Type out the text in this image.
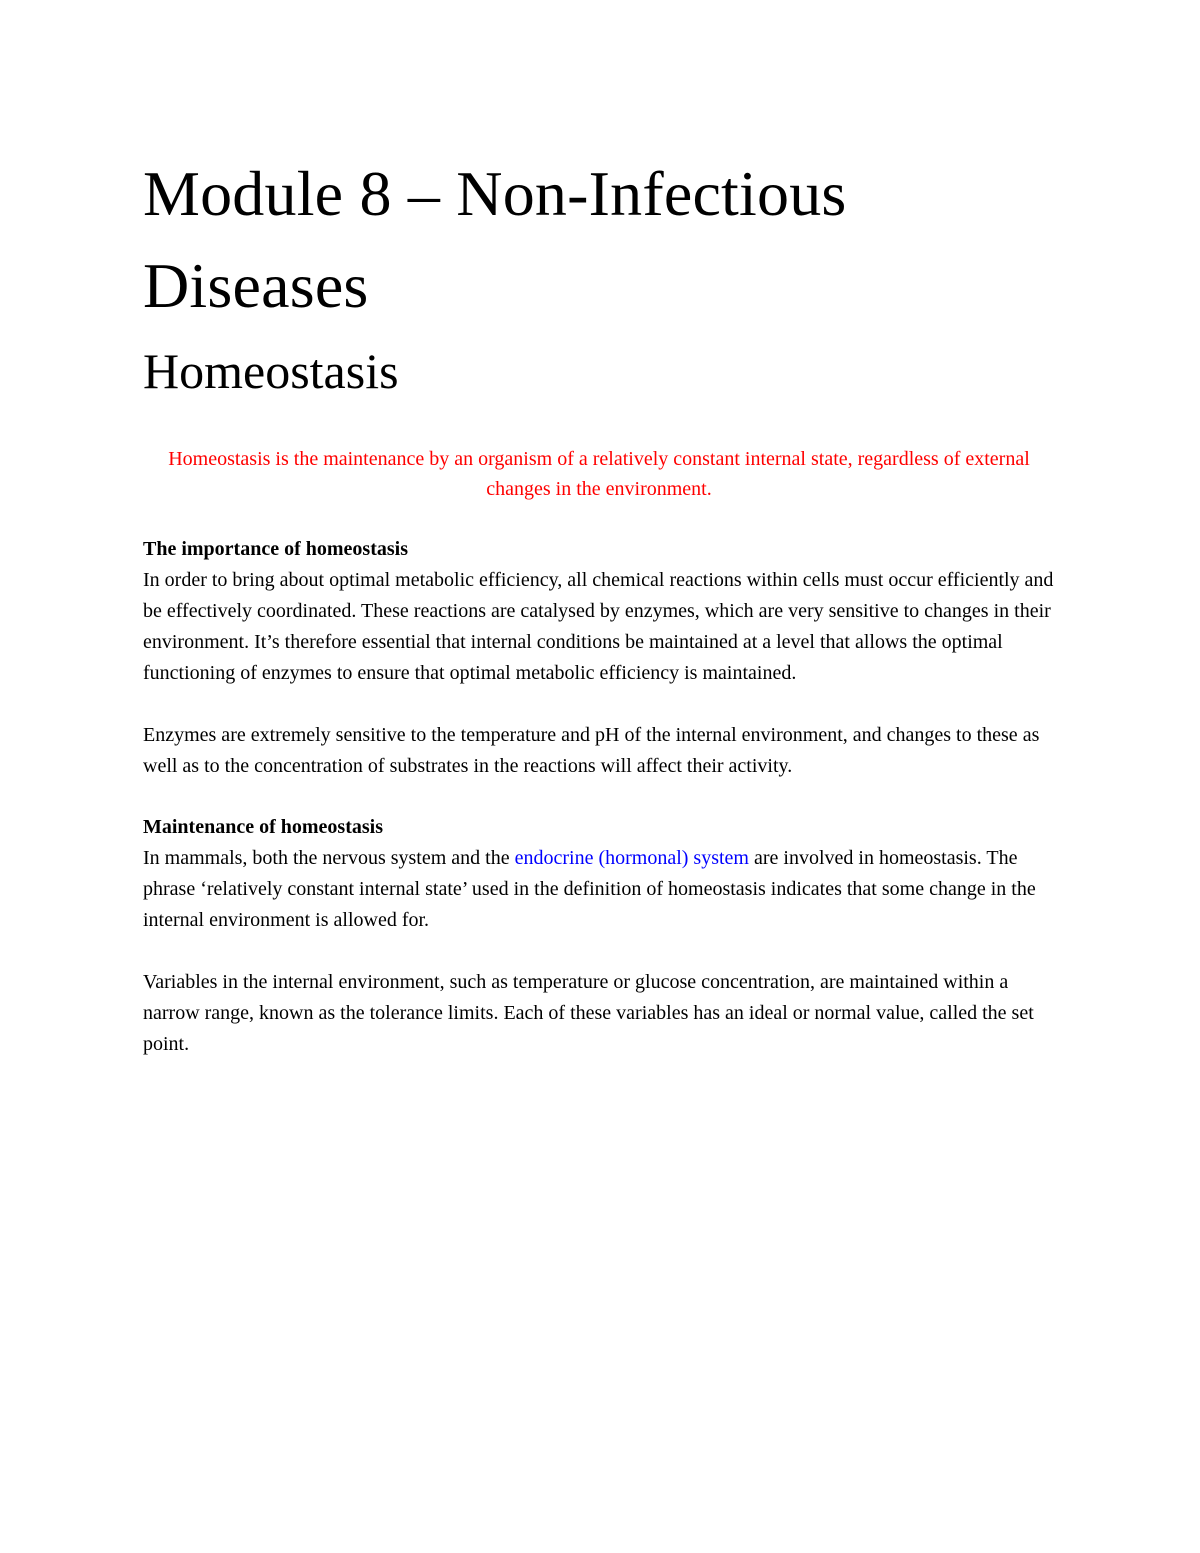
Module 8 – Non-Infectious Diseases
Homeostasis

Homeostasis is the maintenance by an organism of a relatively constant internal state, regardless of external changes in the environment.

The importance of homeostasis

In order to bring about optimal metabolic efficiency, all chemical reactions within cells must occur efficiently and be effectively coordinated. These reactions are catalysed by enzymes, which are very sensitive to changes in their environment. It’s therefore essential that internal conditions be maintained at a level that allows the optimal functioning of enzymes to ensure that optimal metabolic efficiency is maintained.

Enzymes are extremely sensitive to the temperature and pH of the internal environment, and changes to these as well as to the concentration of substrates in the reactions will affect their activity.

Maintenance of homeostasis

In mammals, both the nervous system and the endocrine (hormonal) system are involved in homeostasis. The phrase ‘relatively constant internal state’ used in the definition of homeostasis indicates that some change in the internal environment is allowed for.

Variables in the internal environment, such as temperature or glucose concentration, are maintained within a narrow range, known as the tolerance limits. Each of these variables has an ideal or normal value, called the set point.
